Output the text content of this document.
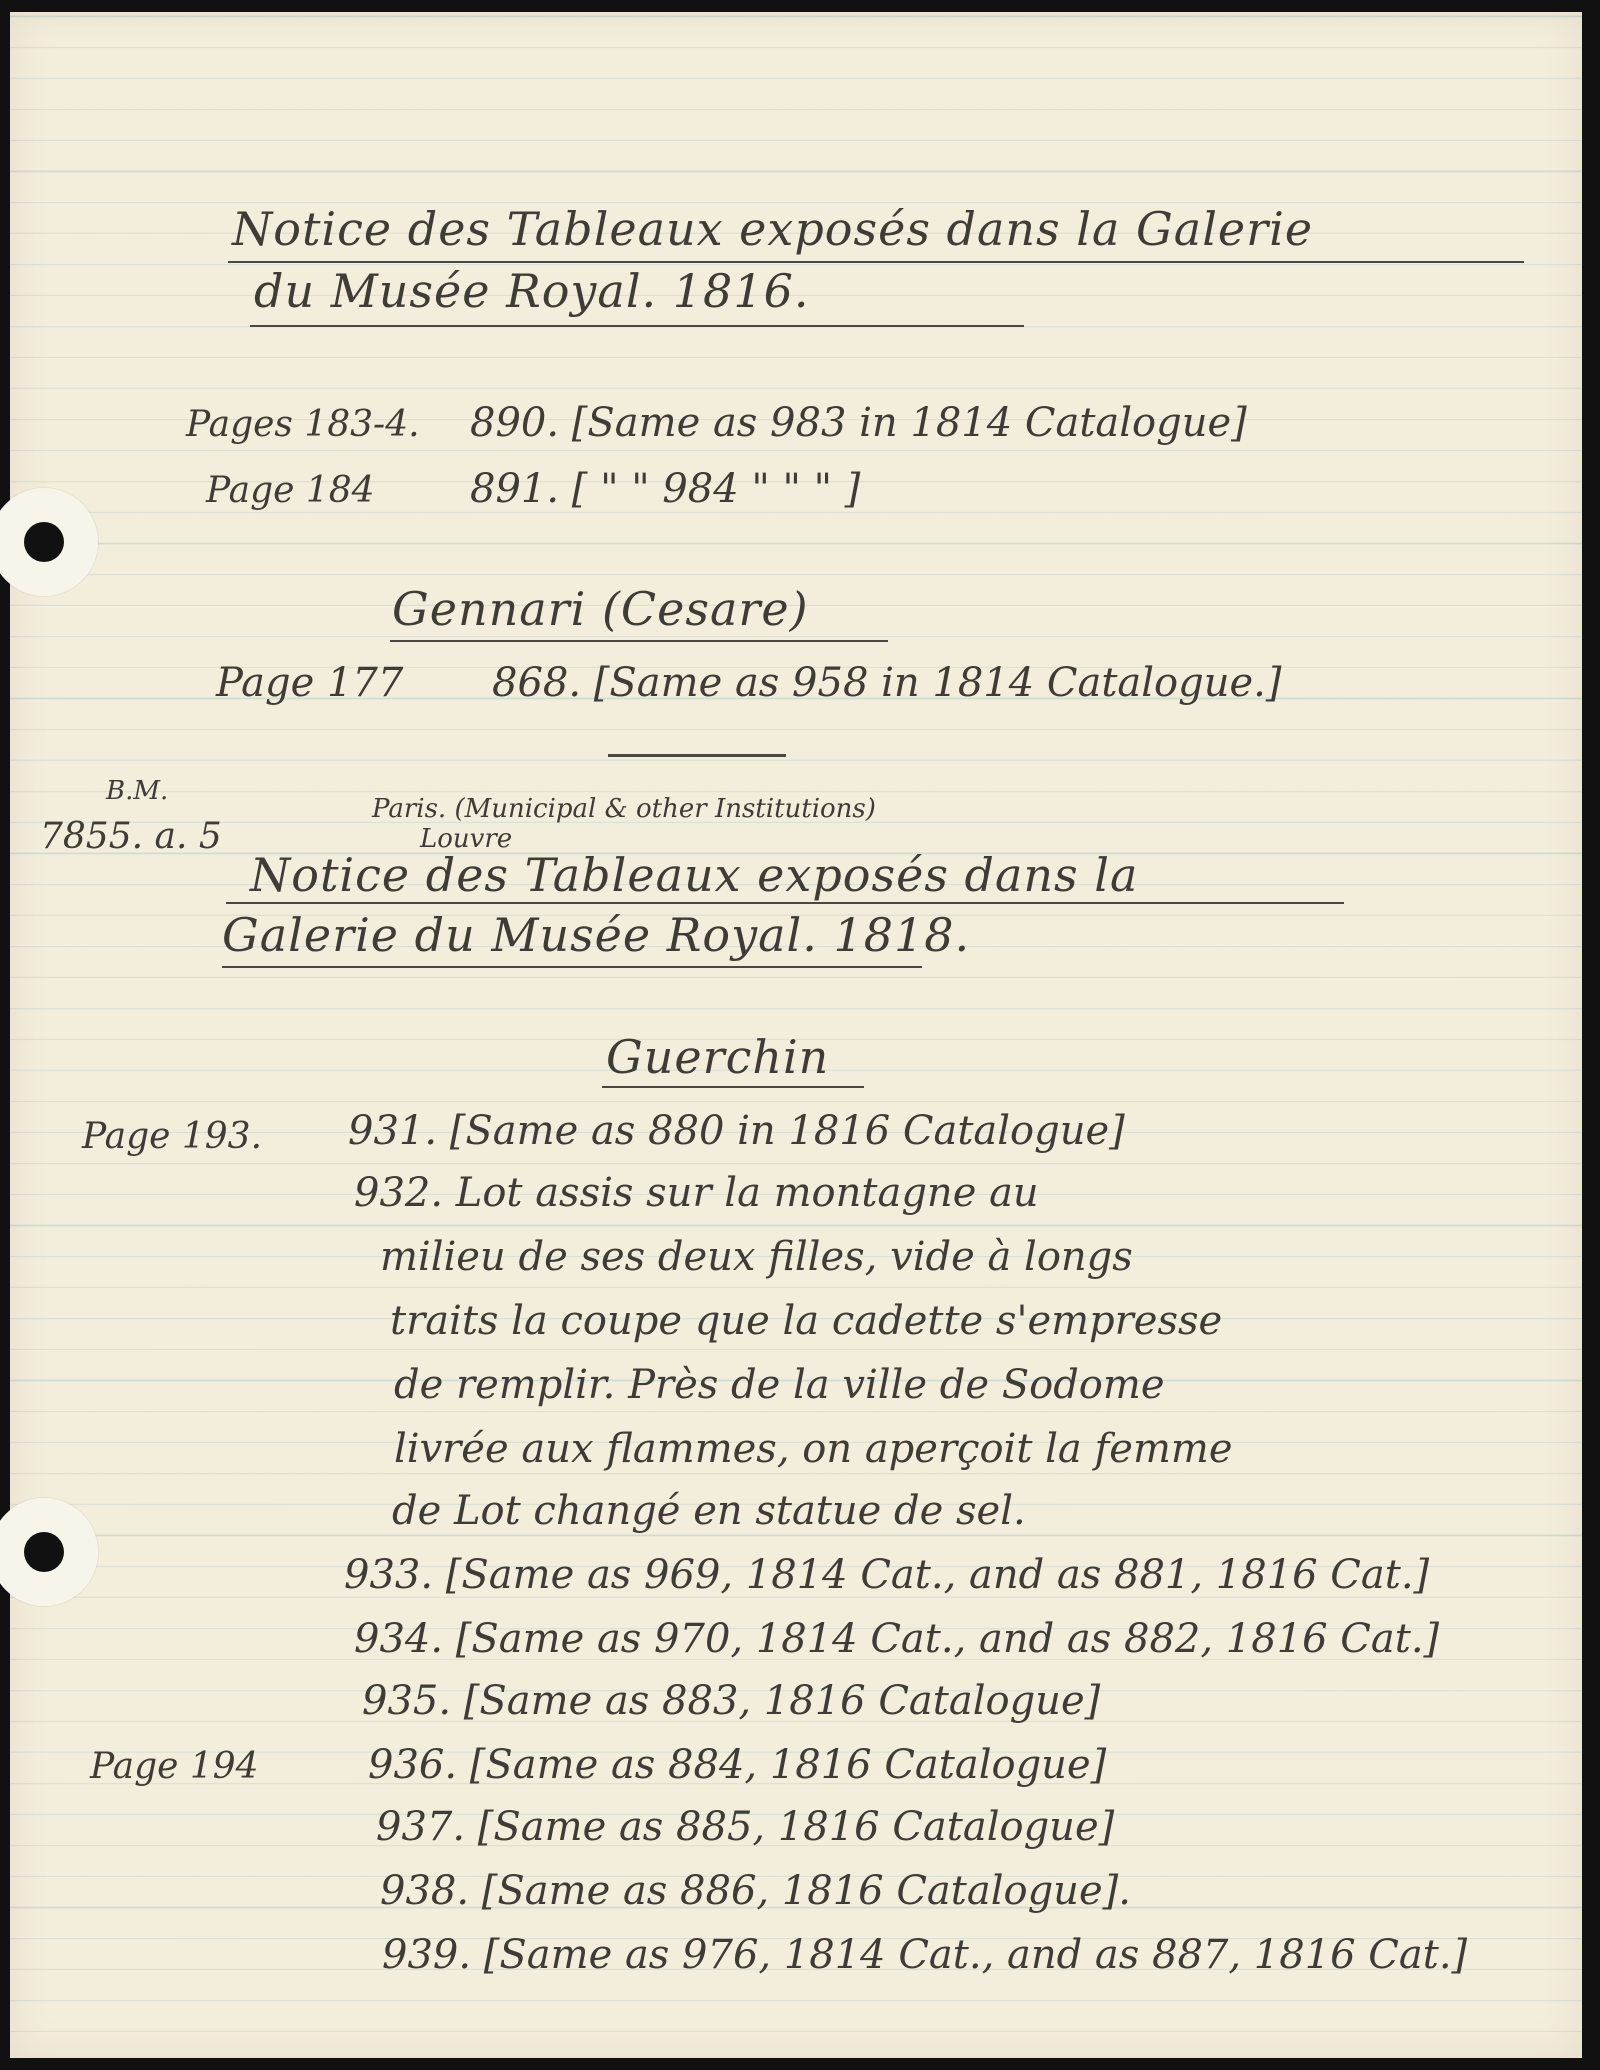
Notice des Tableaux exposés dans la Galerie
du Musée Royal. 1816.
Pages 183-4. 890. [Same as 983 in 1814 Catalogue]
Page 184 891. [ " " 984 " " " ]
Gennari (Cesare)
Page 177 868. [Same as 958 in 1814 Catalogue.]
B.M.
7855. a. 5
Paris. (Municipal & other Institutions)
Louvre
Notice des Tableaux exposés dans la
Galerie du Musée Royal. 1818.
Guerchin
Page 193.
Page 194
931. [Same as 880 in 1816 Catalogue]
932. Lot assis sur la montagne au
milieu de ses deux filles, vide à longs
traits la coupe que la cadette s'empresse
de remplir. Près de la ville de Sodome
livrée aux flammes, on aperçoit la femme
de Lot changé en statue de sel.
933. [Same as 969, 1814 Cat., and as 881, 1816 Cat.]
934. [Same as 970, 1814 Cat., and as 882, 1816 Cat.]
935. [Same as 883, 1816 Catalogue]
936. [Same as 884, 1816 Catalogue]
937. [Same as 885, 1816 Catalogue]
938. [Same as 886, 1816 Catalogue].
939. [Same as 976, 1814 Cat., and as 887, 1816 Cat.]
